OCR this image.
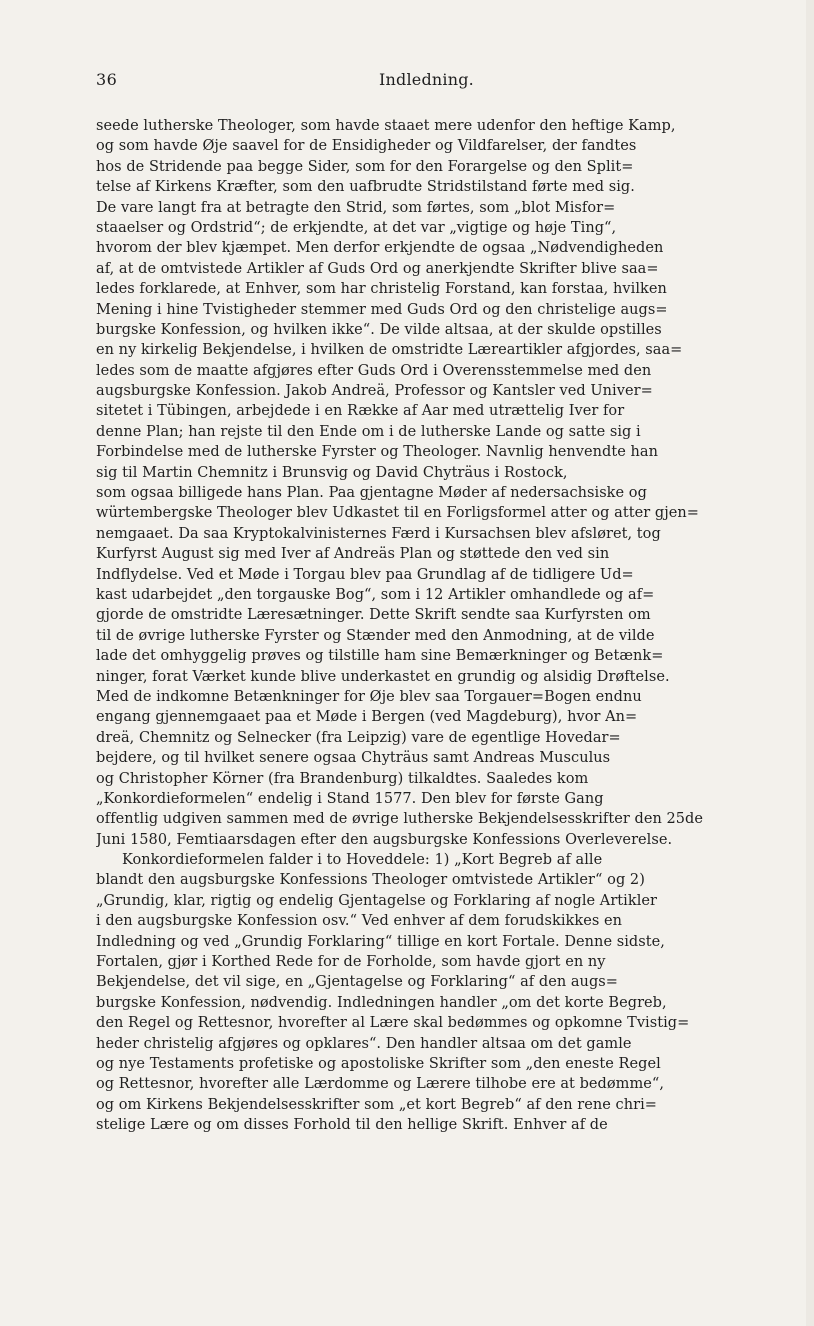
36	Indledning.
seede lutherske Theologer, som havde staaet mere udenfor den heftige Kamp,
og som havde Øje saavel for de Ensidigheder og Vildfarelser, der fandtes
hos de Stridende paa begge Sider, som for den Forargelse og den Split=
telse af Kirkens Kræfter, som den uafbrudte Stridstilstand førte med sig.
De vare langt fra at betragte den Strid, som førtes, som „blot Misfor=
staaelser og Ordstrid“; de erkjendte, at det var „vigtige og høje Ting“,
hvorom der blev kjæmpet. Men derfor erkjendte de ogsaa „Nødvendigheden
af, at de omtvistede Artikler af Guds Ord og anerkjendte Skrifter blive saa=
ledes forklarede, at Enhver, som har christelig Forstand, kan forstaa, hvilken
Mening i hine Tvistigheder stemmer med Guds Ord og den christelige augs=
burgske Konfession, og hvilken ikke“. De vilde altsaa, at der skulde opstilles
en ny kirkelig Bekjendelse, i hvilken de omstridte Læreartikler afgjordes, saa=
ledes som de maatte afgjøres efter Guds Ord i Overensstemmelse med den
augsburgske Konfession. Jakob Andreä, Professor og Kantsler ved Univer=
sitetet i Tübingen, arbejdede i en Række af Aar med utrættelig Iver for
denne Plan; han rejste til den Ende om i de lutherske Lande og satte sig i
Forbindelse med de lutherske Fyrster og Theologer. Navnlig henvendte han
sig til Martin Chemnitz i Brunsvig og David Chyträus i Rostock,
som ogsaa billigede hans Plan. Paa gjentagne Møder af nedersachsiske og
würtembergske Theologer blev Udkastet til en Forligsformel atter og atter gjen=
nemgaaet. Da saa Kryptokalvinisternes Færd i Kursachsen blev afsløret, tog
Kurfyrst August sig med Iver af Andreäs Plan og støttede den ved sin
Indflydelse. Ved et Møde i Torgau blev paa Grundlag af de tidligere Ud=
kast udarbejdet „den torgauske Bog“, som i 12 Artikler omhandlede og af=
gjorde de omstridte Læresætninger. Dette Skrift sendte saa Kurfyrsten om
til de øvrige lutherske Fyrster og Stænder med den Anmodning, at de vilde
lade det omhyggelig prøves og tilstille ham sine Bemærkninger og Betænk=
ninger, forat Værket kunde blive underkastet en grundig og alsidig Drøftelse.
Med de indkomne Betænkninger for Øje blev saa Torgauer=Bogen endnu
engang gjennemgaaet paa et Møde i Bergen (ved Magdeburg), hvor An=
dreä, Chemnitz og Selnecker (fra Leipzig) vare de egentlige Hovedar=
bejdere, og til hvilket senere ogsaa Chyträus samt Andreas Musculus
og Christopher Körner (fra Brandenburg) tilkaldtes. Saaledes kom
„Konkordieformelen“ endelig i Stand 1577. Den blev for første Gang
offentlig udgiven sammen med de øvrige lutherske Bekjendelsesskrifter den 25de
Juni 1580, Femtiaarsdagen efter den augsburgske Konfessions Overleverelse.
Konkordieformelen falder i to Hoveddele: 1) „Kort Begreb af alle
blandt den augsburgske Konfessions Theologer omtvistede Artikler“ og 2)
„Grundig, klar, rigtig og endelig Gjentagelse og Forklaring af nogle Artikler
i den augsburgske Konfession osv.“ Ved enhver af dem forudskikkes en
Indledning og ved „Grundig Forklaring“ tillige en kort Fortale. Denne sidste,
Fortalen, gjør i Korthed Rede for de Forholde, som havde gjort en ny
Bekjendelse, det vil sige, en „Gjentagelse og Forklaring“ af den augs=
burgske Konfession, nødvendig. Indledningen handler „om det korte Begreb,
den Regel og Rettesnor, hvorefter al Lære skal bedømmes og opkomne Tvistig=
heder christelig afgjøres og opklares“. Den handler altsaa om det gamle
og nye Testaments profetiske og apostoliske Skrifter som „den eneste Regel
og Rettesnor, hvorefter alle Lærdomme og Lærere tilhobe ere at bedømme“,
og om Kirkens Bekjendelsesskrifter som „et kort Begreb“ af den rene chri=
stelige Lære og om disses Forhold til den hellige Skrift. Enhver af de
